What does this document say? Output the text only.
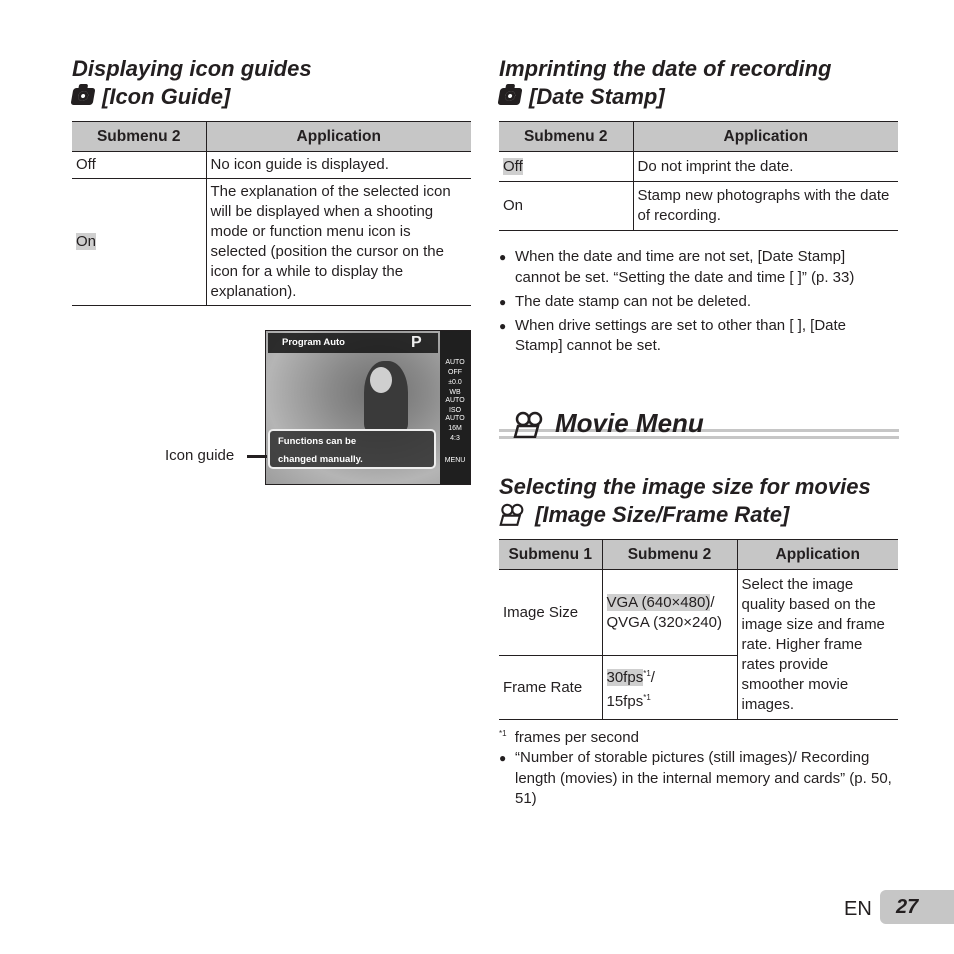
Displaying icon guides
[Icon Guide]
Submenu 2	Application
Off	No icon guide is displayed.
On	The explanation of the selected icon will be displayed when a shooting mode or function menu icon is selected (position the cursor on the icon for a while to display the explanation).
Program Auto	P
Functions can be
changed manually.
AUTO
OFF
±0.0
WB AUTO
ISO AUTO
16M
4:3
MENU
Icon guide
Imprinting the date of recording
[Date Stamp]
Submenu 2	Application
Off	Do not imprint the date.
On	Stamp new photographs with the date of recording.
● When the date and time are not set, [Date Stamp] cannot be set. “Setting the date and time [ ]” (p. 33)
● The date stamp can not be deleted.
● When drive settings are set to other than [ ], [Date Stamp] cannot be set.
Movie Menu
Selecting the image size for movies
[Image Size/Frame Rate]
Submenu 1	Submenu 2	Application
Image Size	VGA (640×480)/
QVGA (320×240)	Select the image quality based on the image size and frame rate. Higher frame rates provide smoother movie images.
Frame Rate	30fps$^{*1}$/
15fps$^{*1}$
$^{*1}$ frames per second
● “Number of storable pictures (still images)/ Recording length (movies) in the internal memory and cards” (p. 50, 51)
EN	27
